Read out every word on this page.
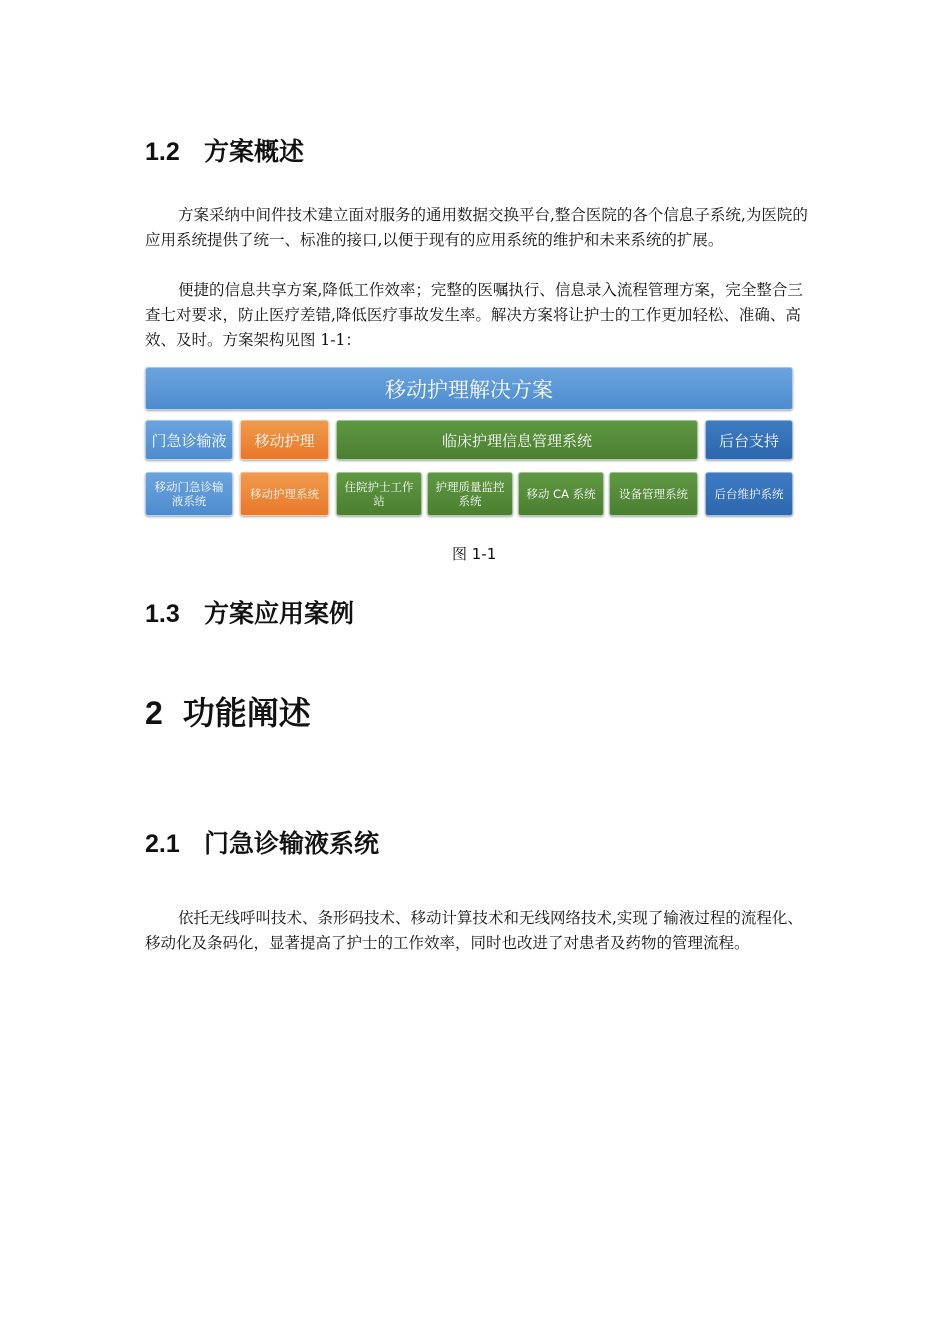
1.2 方案概述

方案采纳中间件技术建立面对服务的通用数据交换平台,整合医院的各个信息子系统,为医院的应用系统提供了统一、标准的接口,以便于现有的应用系统的维护和未来系统的扩展。

便捷的信息共享方案,降低工作效率；完整的医嘱执行、信息录入流程管理方案，完全整合三查七对要求，防止医疗差错,降低医疗事故发生率。解决方案将让护士的工作更加轻松、准确、高效、及时。方案架构见图 1-1：

移动护理解决方案
门急诊输液	移动护理	临床护理信息管理系统	后台支持
移动门急诊输液系统	移动护理系统	住院护士工作站
护理质量监控系统	移动 CA 系统	设备管理系统	后台维护系统
图 1-1
1.3 方案应用案例
2 功能阐述
2.1 门急诊输液系统

依托无线呼叫技术、条形码技术、移动计算技术和无线网络技术,实现了输液过程的流程化、移动化及条码化，显著提高了护士的工作效率，同时也改进了对患者及药物的管理流程。
